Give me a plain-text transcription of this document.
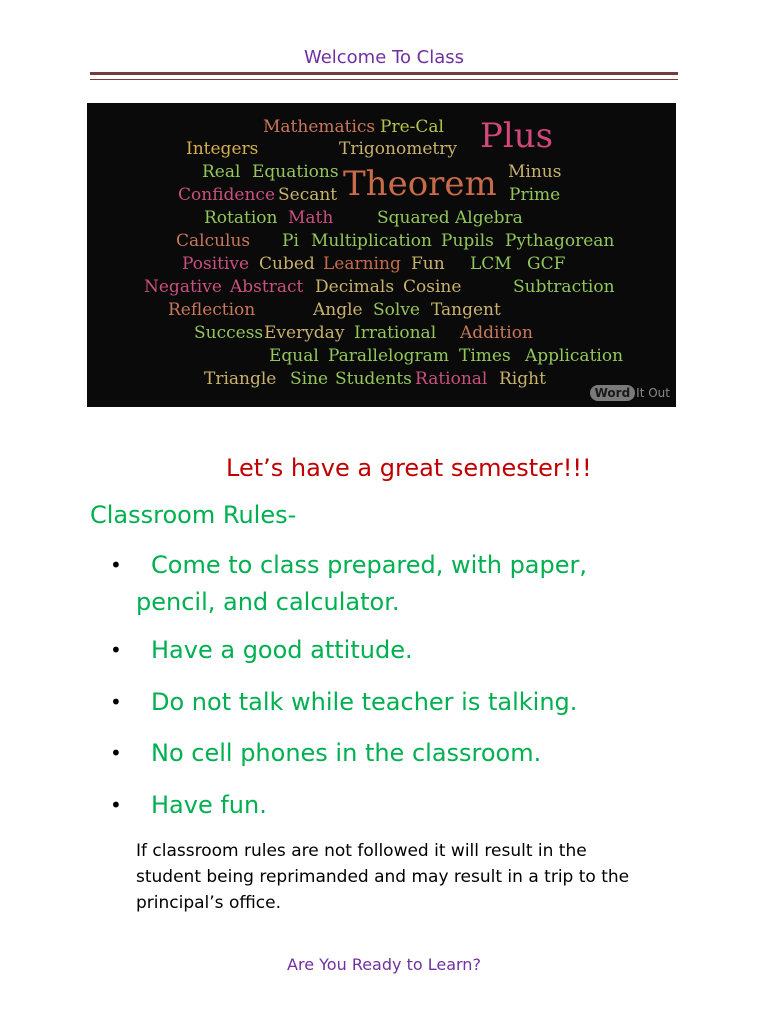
Welcome To Class
Mathematics Pre-Cal Plus
Integers	Trigonometry
Real Equations	Minus
Theorem
Confidence Secant	Prime
Rotation Math	Squared Algebra
Calculus Pi Multiplication Pupils Pythagorean
Positive Cubed Learning Fun LCM GCF
Negative Abstract Decimals Cosine	Subtraction
Reflection	Angle Solve Tangent
Success Everyday Irrational Addition
Equal Parallelogram Times Application
Triangle Sine Students Rational Right
Word It Out
Let’s have a great semester!!!
Classroom Rules-
•	Come to class prepared, with paper, pencil, and calculator.
•	Have a good attitude.
•	Do not talk while teacher is talking.
•	No cell phones in the classroom.
•	Have fun.
If classroom rules are not followed it will result in the student being reprimanded and may result in a trip to the principal’s office.
Are You Ready to Learn?
